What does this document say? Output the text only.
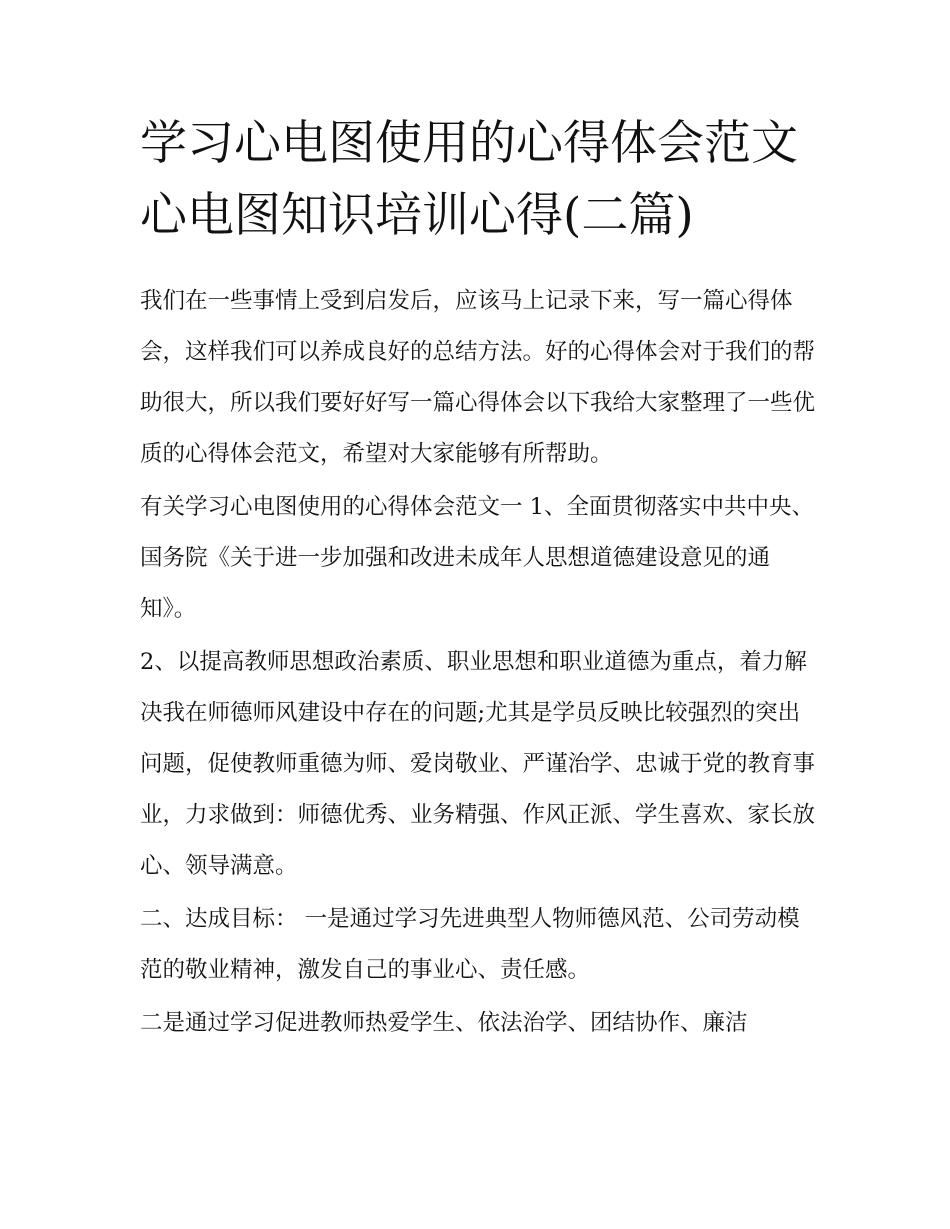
学习心电图使用的心得体会范文 心电图知识培训心得(二篇)

我们在一些事情上受到启发后，应该马上记录下来，写一篇心得体会，这样我们可以养成良好的总结方法。好的心得体会对于我们的帮助很大，所以我们要好好写一篇心得体会以下我给大家整理了一些优质的心得体会范文，希望对大家能够有所帮助。

有关学习心电图使用的心得体会范文一 1、全面贯彻落实中共中央、国务院《关于进一步加强和改进未成年人思想道德建设意见的通知》。

2、以提高教师思想政治素质、职业思想和职业道德为重点，着力解决我在师德师风建设中存在的问题;尤其是学员反映比较强烈的突出问题，促使教师重德为师、爱岗敬业、严谨治学、忠诚于党的教育事业，力求做到：师德优秀、业务精强、作风正派、学生喜欢、家长放心、领导满意。

二、达成目标： 一是通过学习先进典型人物师德风范、公司劳动模范的敬业精神，激发自己的事业心、责任感。

二是通过学习促进教师热爱学生、依法治学、团结协作、廉洁
